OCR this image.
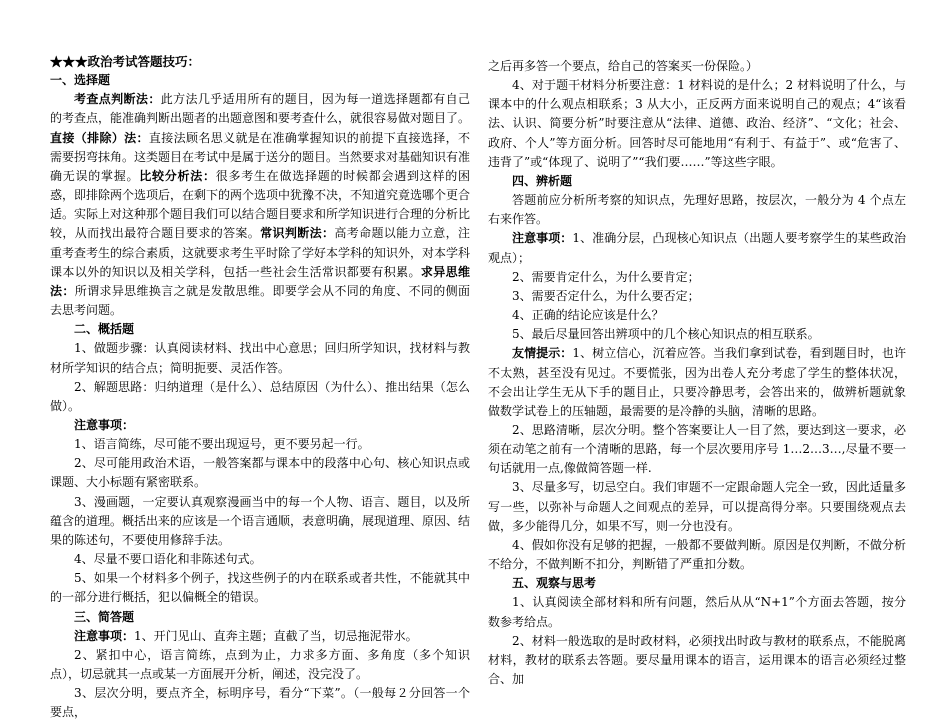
★★★政治考试答题技巧：

一、选择题

考查点判断法：此方法几乎适用所有的题目，因为每一道选择题都有自己的考查点，能准确判断出题者的出题意图和要考查什么，就很容易做对题目了。直接（排除）法：直接法顾名思义就是在准确掌握知识的前提下直接选择，不需要拐弯抹角。这类题目在考试中是属于送分的题目。当然要求对基础知识有准确无误的掌握。比较分析法：很多考生在做选择题的时候都会遇到这样的困惑，即排除两个选项后，在剩下的两个选项中犹豫不决，不知道究竟选哪个更合适。实际上对这种那个题目我们可以结合题目要求和所学知识进行合理的分析比较，从而找出最符合题目要求的答案。常识判断法：高考命题以能力立意，注重考查考生的综合素质，这就要求考生平时除了学好本学科的知识外，对本学科课本以外的知识以及相关学科，包括一些社会生活常识都要有积累。求异思维法：所谓求异思维换言之就是发散思维。即要学会从不同的角度、不同的侧面去思考问题。

二、概括题

1、做题步骤：认真阅读材料、找出中心意思；回归所学知识，找材料与教材所学知识的结合点；简明扼要、灵活作答。

2、解题思路：归纳道理（是什么）、总结原因（为什么）、推出结果（怎么做）。

注意事项：

1、语言简练，尽可能不要出现逗号，更不要另起一行。

2、尽可能用政治术语，一般答案都与课本中的段落中心句、核心知识点或课题、大小标题有紧密联系。

3、漫画题，一定要认真观察漫画当中的每一个人物、语言、题目，以及所蕴含的道理。概括出来的应该是一个语言通顺，表意明确，展现道理、原因、结果的陈述句，不要使用修辞手法。

4、尽量不要口语化和非陈述句式。

5、如果一个材料多个例子，找这些例子的内在联系或者共性，不能就其中的一部分进行概括，犯以偏概全的错误。

三、简答题

注意事项：1、开门见山、直奔主题；直截了当，切忌拖泥带水。

2、紧扣中心，语言简练，点到为止，力求多方面、多角度（多个知识点），切忌就其一点或某一方面展开分析，阐述，没完没了。

3、层次分明，要点齐全，标明序号，看分“下菜”。（一般每２分回答一个要点，

之后再多答一个要点，给自己的答案买一份保险。）

4、对于题干材料分析要注意：1 材料说的是什么；2 材料说明了什么，与课本中的什么观点相联系；3 从大小，正反两方面来说明自己的观点；4“该看法、认识、简要分析”时要注意从“法律、道德、政治、经济”、“文化；社会、政府、个人”等方面分析。回答时尽可能地用“有利于、有益于”、或“危害了、违背了”或“体现了、说明了”“我们要……”等这些字眼。

四、辨析题

答题前应分析所考察的知识点，先理好思路，按层次，一般分为 4 个点左右来作答。

注意事项：1、准确分层，凸现核心知识点（出题人要考察学生的某些政治观点）；

2、需要肯定什么，为什么要肯定；

3、需要否定什么，为什么要否定；

4、正确的结论应该是什么？

5、最后尽量回答出辨项中的几个核心知识点的相互联系。

友情提示：1、树立信心，沉着应答。当我们拿到试卷，看到题目时，也许不太熟，甚至没有见过。不要慌张，因为出卷人充分考虑了学生的整体状况，不会出让学生无从下手的题目止，只要冷静思考，会答出来的，做辨析题就象做数学试卷上的压轴题，最需要的是冷静的头脑，清晰的思路。

2、思路清晰，层次分明。整个答案要让人一目了然，要达到这一要求，必须在动笔之前有一个清晰的思路，每一个层次要用序号 1…2…3…,尽量不要一句话就用一点,像做简答题一样.

3、尽量多写，切忌空白。我们审题不一定跟命题人完全一致，因此适量多写一些，以弥补与命题人之间观点的差异，可以提高得分率。只要围绕观点去做，多少能得几分，如果不写，则一分也没有。

4、假如你没有足够的把握，一般都不要做判断。原因是仅判断，不做分析不给分，不做判断不扣分，判断错了严重扣分数。

五、观察与思考

1、认真阅读全部材料和所有问题，然后从从“N+1”个方面去答题，按分数参考给点。

2、材料一般选取的是时政材料，必须找出时政与教材的联系点，不能脱离材料，教材的联系去答题。要尽量用课本的语言，运用课本的语言必须经过整合、加
